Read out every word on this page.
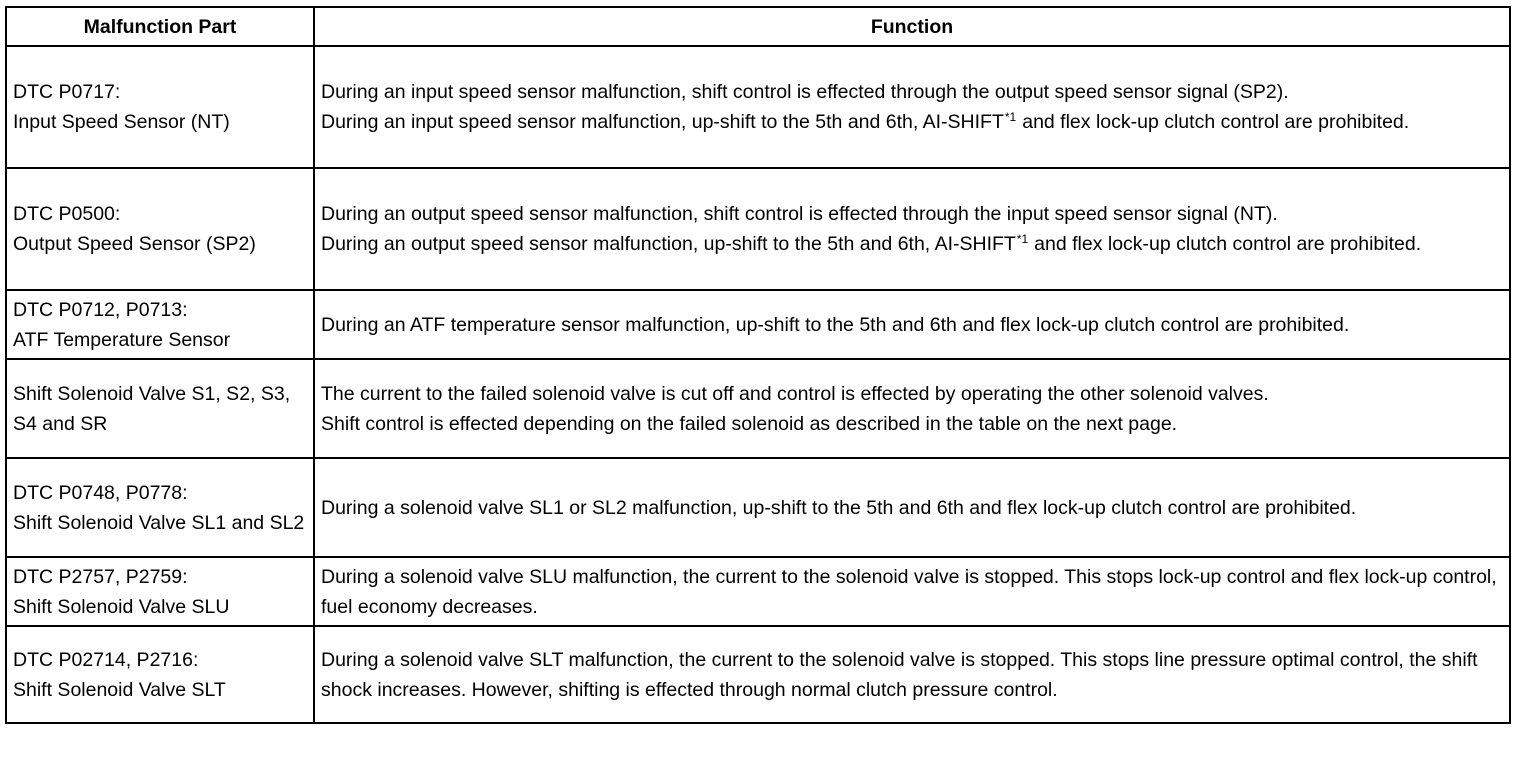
Malfunction Part	Function

DTC P0717:
Input Speed Sensor (NT)	During an input speed sensor malfunction, shift control is effected through the output speed sensor signal (SP2).
During an input speed sensor malfunction, up-shift to the 5th and 6th, AI-SHIFT$^{*1}$ and flex lock-up clutch control are prohibited.

DTC P0500:
Output Speed Sensor (SP2)	During an output speed sensor malfunction, shift control is effected through the input speed sensor signal (NT).
During an output speed sensor malfunction, up-shift to the 5th and 6th, AI-SHIFT$^{*1}$ and flex lock-up clutch control are prohibited.

DTC P0712, P0713:
ATF Temperature Sensor	During an ATF temperature sensor malfunction, up-shift to the 5th and 6th and flex lock-up clutch control are prohibited.

Shift Solenoid Valve S1, S2, S3, S4 and SR	The current to the failed solenoid valve is cut off and control is effected by operating the other solenoid valves.
Shift control is effected depending on the failed solenoid as described in the table on the next page.

DTC P0748, P0778:
Shift Solenoid Valve SL1 and SL2	During a solenoid valve SL1 or SL2 malfunction, up-shift to the 5th and 6th and flex lock-up clutch control are prohibited.

DTC P2757, P2759:
Shift Solenoid Valve SLU	During a solenoid valve SLU malfunction, the current to the solenoid valve is stopped. This stops lock-up control and flex lock-up control, fuel economy decreases.

DTC P02714, P2716:
Shift Solenoid Valve SLT	During a solenoid valve SLT malfunction, the current to the solenoid valve is stopped. This stops line pressure optimal control, the shift shock increases. However, shifting is effected through normal clutch pressure control.
